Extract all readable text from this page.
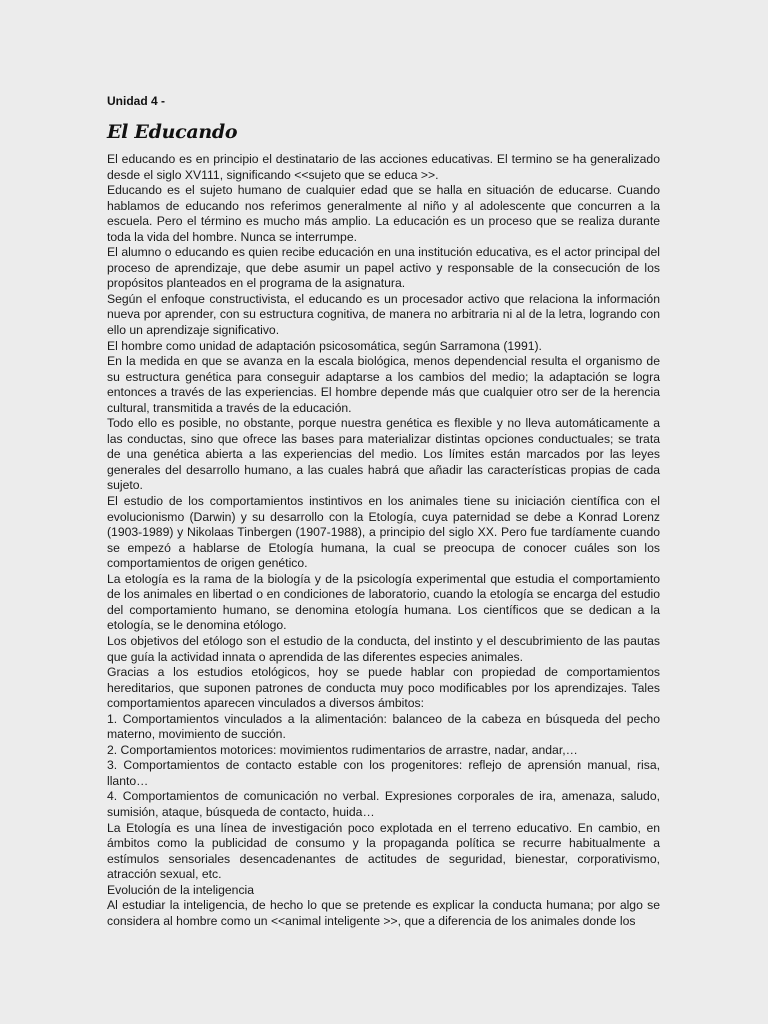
Unidad 4 -
El Educando

El educando es en principio el destinatario de las acciones educativas. El termino se ha generalizado desde el siglo XV111, significando <<sujeto que se educa >>.

Educando es el sujeto humano de cualquier edad que se halla en situación de educarse. Cuando hablamos de educando nos referimos generalmente al niño y al adolescente que concurren a la escuela. Pero el término es mucho más amplio. La educación es un proceso que se realiza durante toda la vida del hombre. Nunca se interrumpe.

El alumno o educando es quien recibe educación en una institución educativa, es el actor principal del proceso de aprendizaje, que debe asumir un papel activo y responsable de la consecución de los propósitos planteados en el programa de la asignatura.

Según el enfoque constructivista, el educando es un procesador activo que relaciona la información nueva por aprender, con su estructura cognitiva, de manera no arbitraria ni al de la letra, logrando con ello un aprendizaje significativo.

El hombre como unidad de adaptación psicosomática, según Sarramona (1991).

En la medida en que se avanza en la escala biológica, menos dependencial resulta el organismo de su estructura genética para conseguir adaptarse a los cambios del medio; la adaptación se logra entonces a través de las experiencias. El hombre depende más que cualquier otro ser de la herencia cultural, transmitida a través de la educación.

Todo ello es posible, no obstante, porque nuestra genética es flexible y no lleva automáticamente a las conductas, sino que ofrece las bases para materializar distintas opciones conductuales; se trata de una genética abierta a las experiencias del medio. Los límites están marcados por las leyes generales del desarrollo humano, a las cuales habrá que añadir las características propias de cada sujeto.

El estudio de los comportamientos instintivos en los animales tiene su iniciación científica con el evolucionismo (Darwin) y su desarrollo con la Etología, cuya paternidad se debe a Konrad Lorenz (1903-1989) y Nikolaas Tinbergen (1907-1988), a principio del siglo XX. Pero fue tardíamente cuando se empezó a hablarse de Etología humana, la cual se preocupa de conocer cuáles son los comportamientos de origen genético.

La etología es la rama de la biología y de la psicología experimental que estudia el comportamiento de los animales en libertad o en condiciones de laboratorio, cuando la etología se encarga del estudio del comportamiento humano, se denomina etología humana. Los científicos que se dedican a la etología, se le denomina etólogo.

Los objetivos del etólogo son el estudio de la conducta, del instinto y el descubrimiento de las pautas que guía la actividad innata o aprendida de las diferentes especies animales.

Gracias a los estudios etológicos, hoy se puede hablar con propiedad de comportamientos hereditarios, que suponen patrones de conducta muy poco modificables por los aprendizajes. Tales comportamientos aparecen vinculados a diversos ámbitos:

1. Comportamientos vinculados a la alimentación: balanceo de la cabeza en búsqueda del pecho materno, movimiento de succión.

2. Comportamientos motorices: movimientos rudimentarios de arrastre, nadar, andar,…

3. Comportamientos de contacto estable con los progenitores: reflejo de aprensión manual, risa, llanto…

4. Comportamientos de comunicación no verbal. Expresiones corporales de ira, amenaza, saludo, sumisión, ataque, búsqueda de contacto, huida…

La Etología es una línea de investigación poco explotada en el terreno educativo. En cambio, en ámbitos como la publicidad de consumo y la propaganda política se recurre habitualmente a estímulos sensoriales desencadenantes de actitudes de seguridad, bienestar, corporativismo, atracción sexual, etc.

Evolución de la inteligencia

Al estudiar la inteligencia, de hecho lo que se pretende es explicar la conducta humana; por algo se considera al hombre como un <<animal inteligente >>, que a diferencia de los animales donde los
